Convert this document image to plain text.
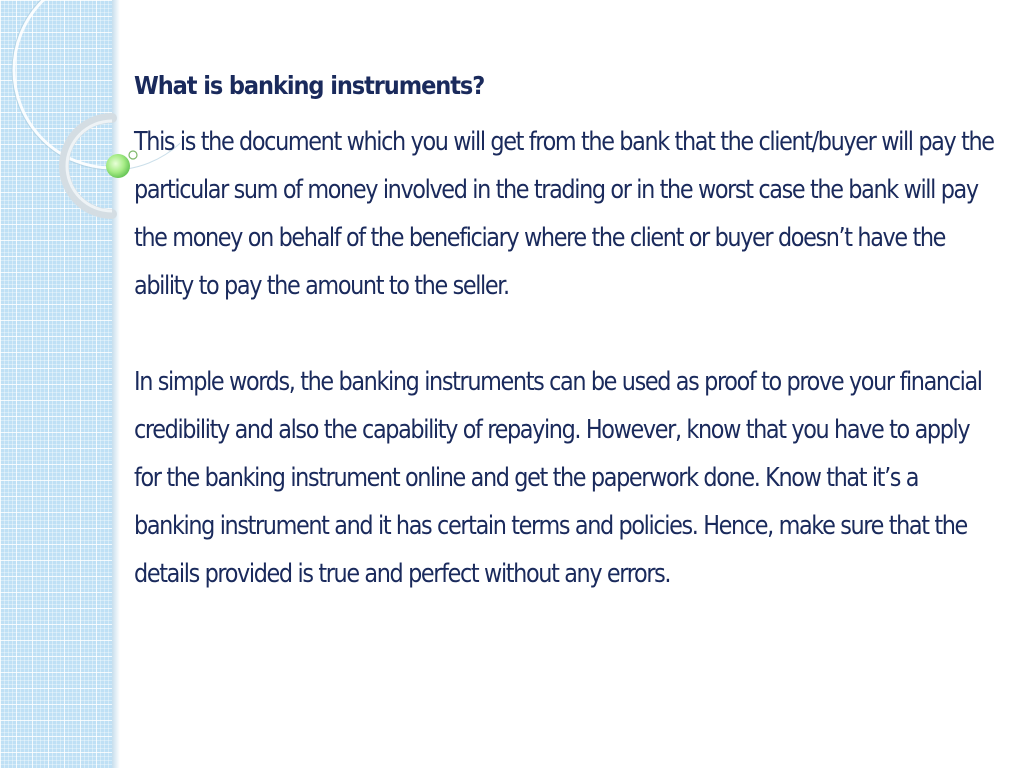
What is banking instruments?

This is the document which you will get from the bank that the client/buyer will pay the particular sum of money involved in the trading or in the worst case the bank will pay the money on behalf of the beneficiary where the client or buyer doesn’t have the ability to pay the amount to the seller.

In simple words, the banking instruments can be used as proof to prove your financial credibility and also the capability of repaying. However, know that you have to apply for the banking instrument online and get the paperwork done. Know that it’s a banking instrument and it has certain terms and policies. Hence, make sure that the details provided is true and perfect without any errors.
